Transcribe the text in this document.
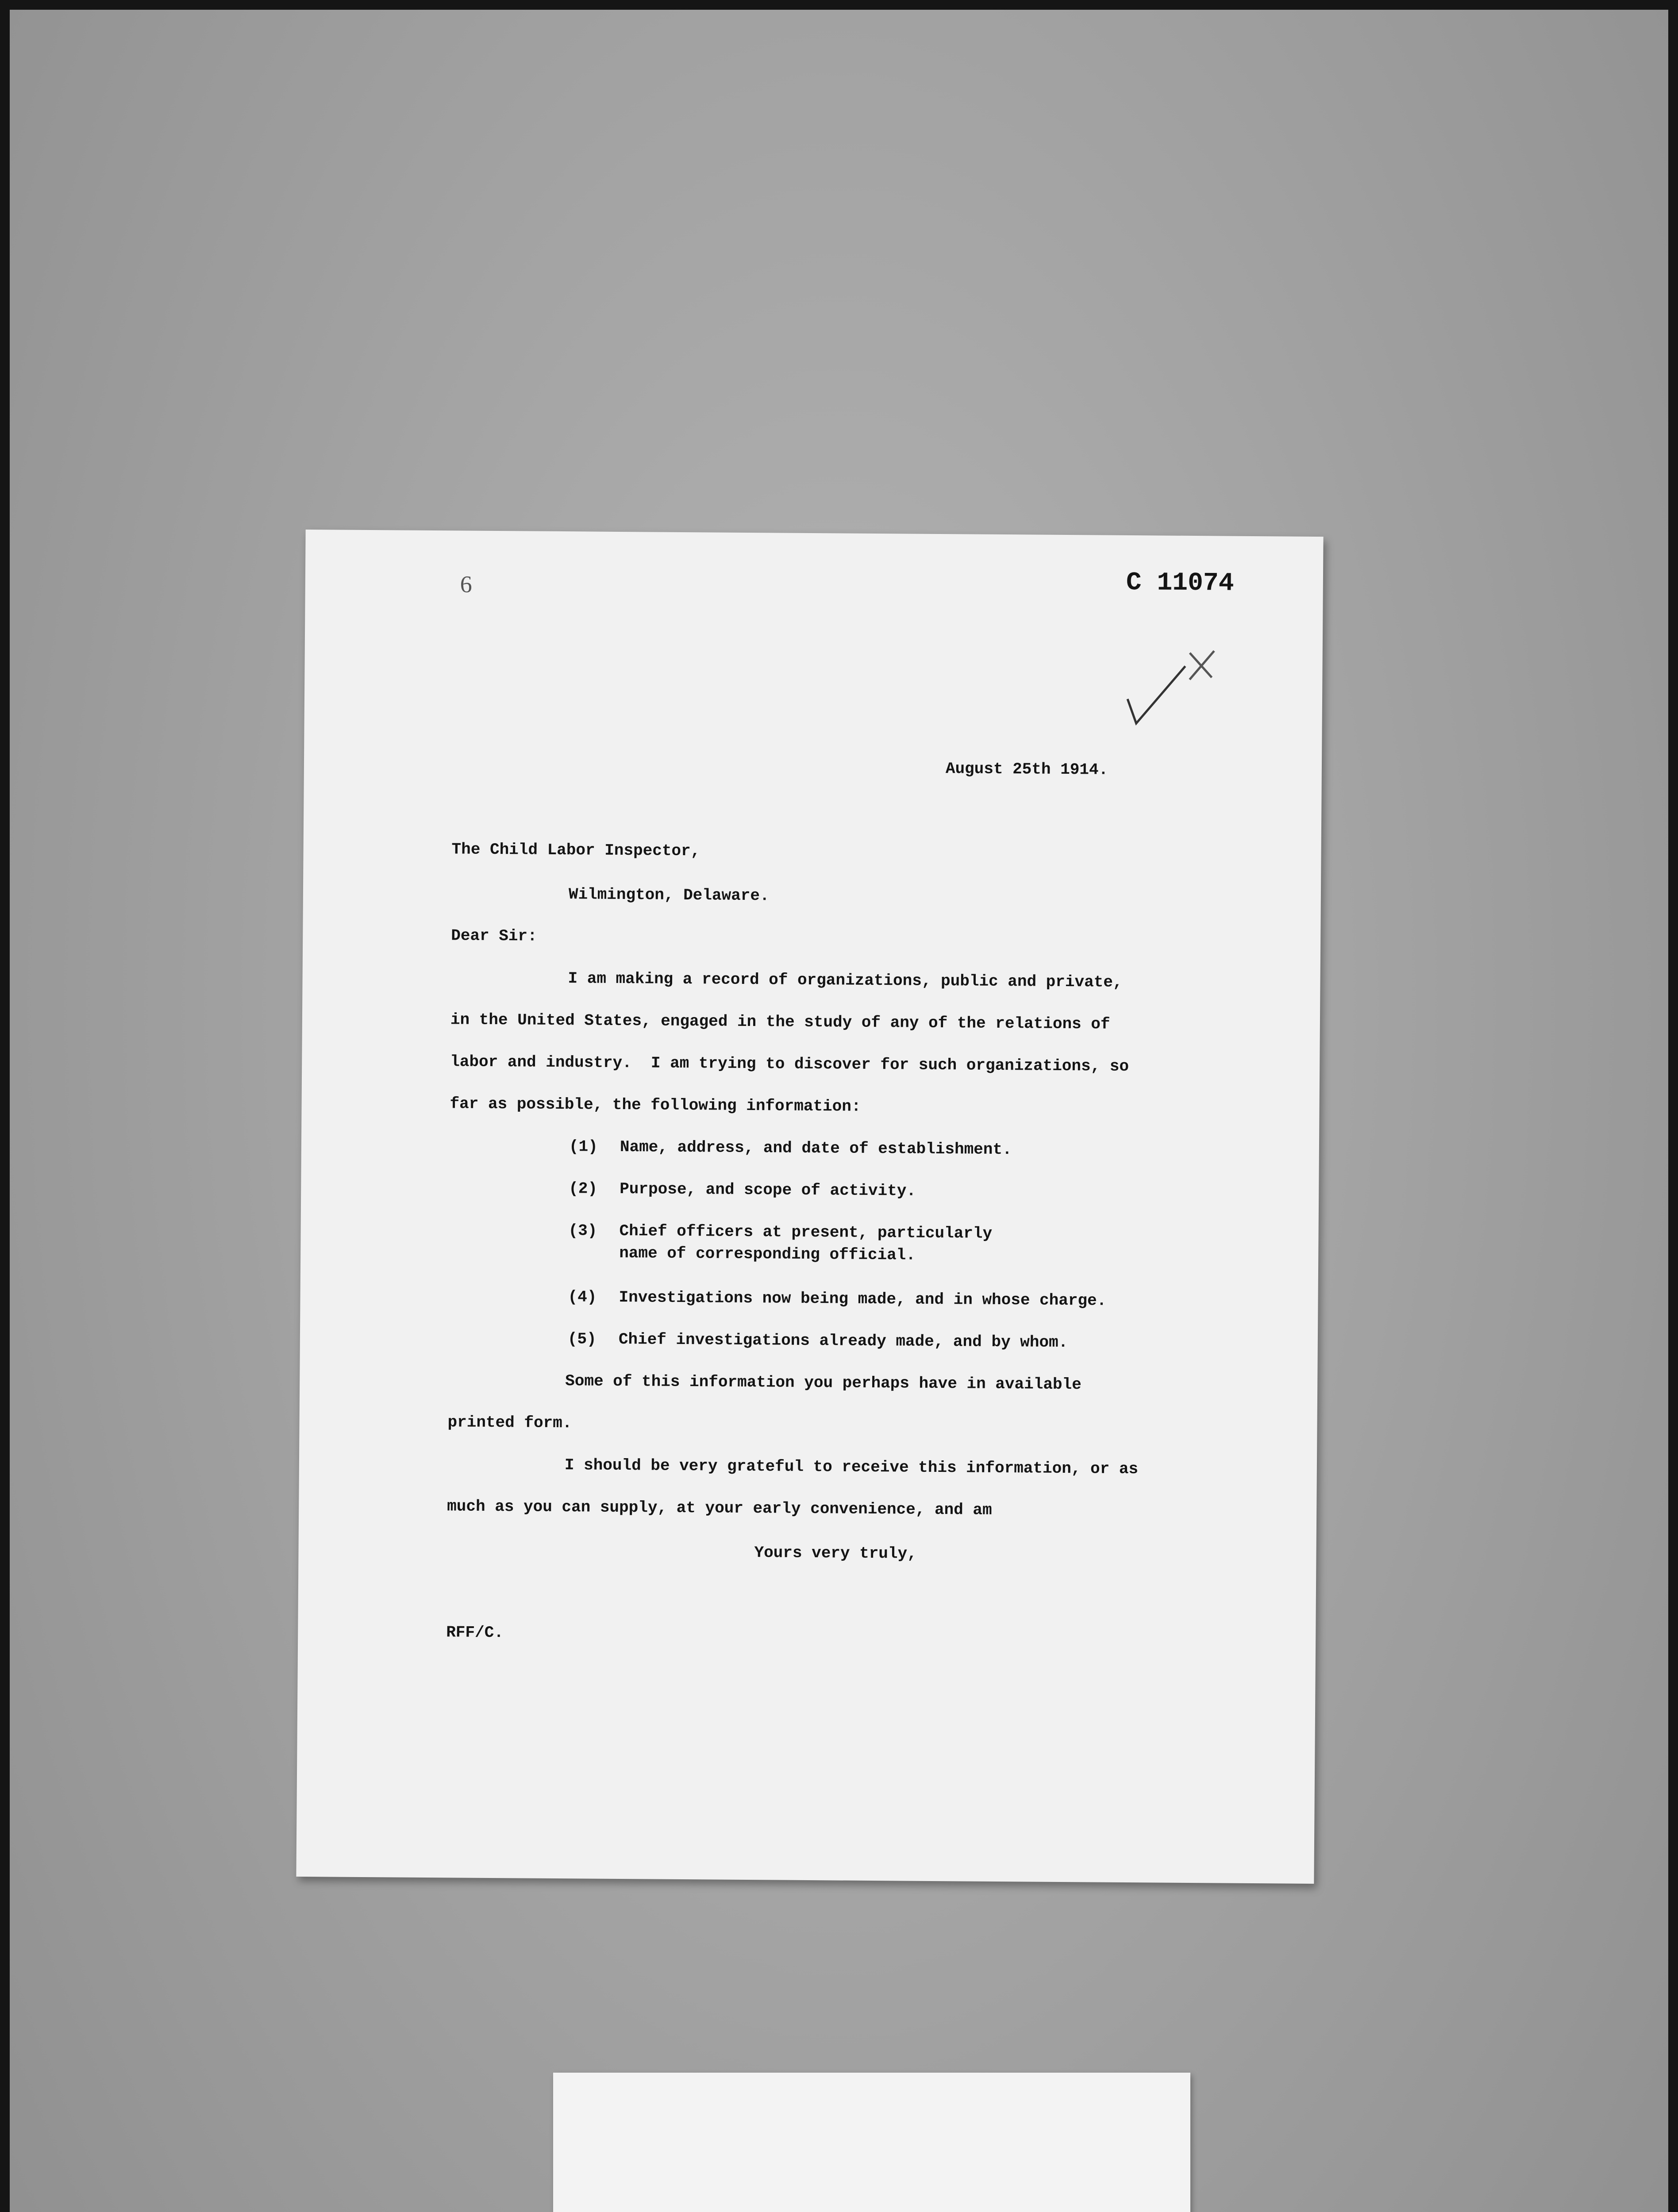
6	C 11074
August 25th 1914.
The Child Labor Inspector,
Wilmington, Delaware.
Dear Sir:
I am making a record of organizations, public and private,
in the United States, engaged in the study of any of the relations of
labor and industry.  I am trying to discover for such organizations, so
far as possible, the following information:
(1) Name, address, and date of establishment.
(2) Purpose, and scope of activity.
(3) Chief officers at present, particularly
name of corresponding official.
(4) Investigations now being made, and in whose charge.
(5) Chief investigations already made, and by whom.
Some of this information you perhaps have in available
printed form.
I should be very grateful to receive this information, or as
much as you can supply, at your early convenience, and am
Yours very truly,
RFF/C.
